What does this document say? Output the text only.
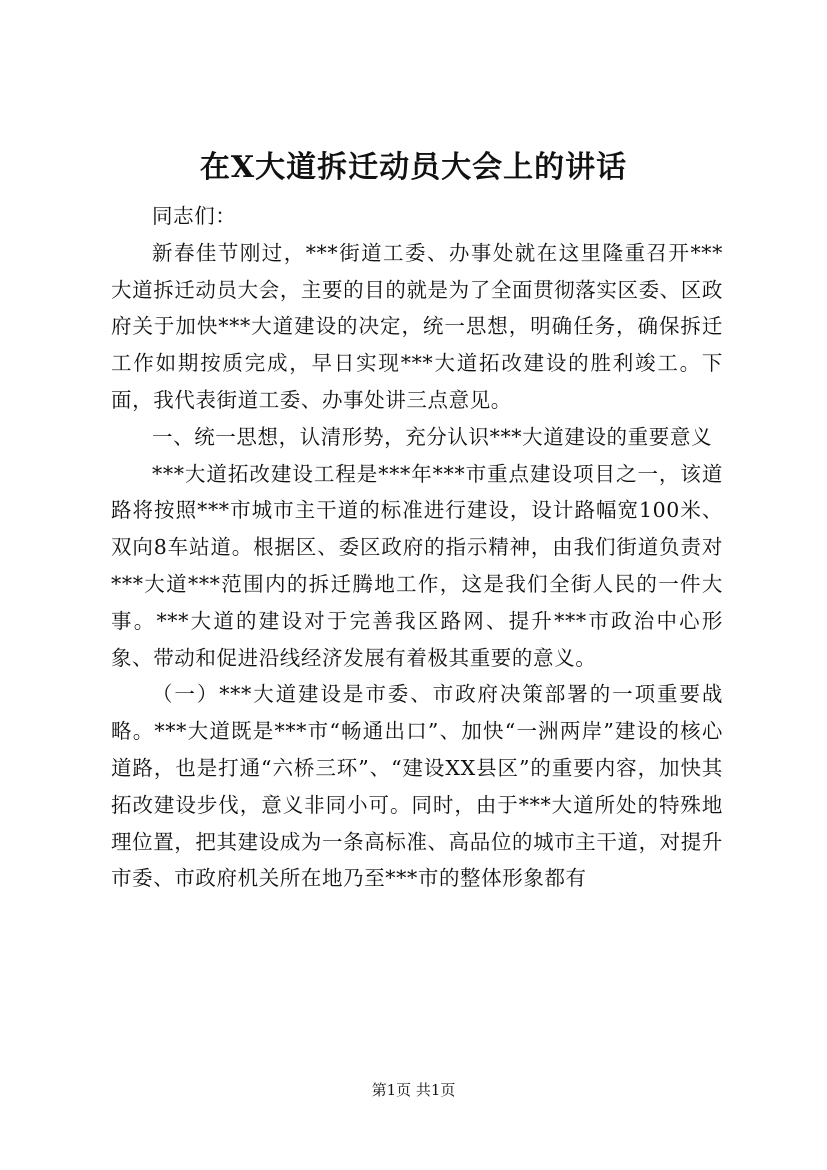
在X大道拆迁动员大会上的讲话

同志们：

新春佳节刚过，***街道工委、办事处就在这里隆重召开***大道拆迁动员大会，主要的目的就是为了全面贯彻落实区委、区政府关于加快***大道建设的决定，统一思想，明确任务，确保拆迁工作如期按质完成，早日实现***大道拓改建设的胜利竣工。下面，我代表街道工委、办事处讲三点意见。

一、统一思想，认清形势，充分认识***大道建设的重要意义

***大道拓改建设工程是***年***市重点建设项目之一，该道路将按照***市城市主干道的标准进行建设，设计路幅宽100米、双向8车站道。根据区、委区政府的指示精神，由我们街道负责对***大道***范围内的拆迁腾地工作，这是我们全街人民的一件大事。***大道的建设对于完善我区路网、提升***市政治中心形象、带动和促进沿线经济发展有着极其重要的意义。

（一）***大道建设是市委、市政府决策部署的一项重要战略。***大道既是***市“畅通出口”、加快“一洲两岸”建设的核心道路，也是打通“六桥三环”、“建设XX县区”的重要内容，加快其拓改建设步伐，意义非同小可。同时，由于***大道所处的特殊地理位置，把其建设成为一条高标准、高品位的城市主干道，对提升市委、市政府机关所在地乃至***市的整体形象都有

第1页 共1页
